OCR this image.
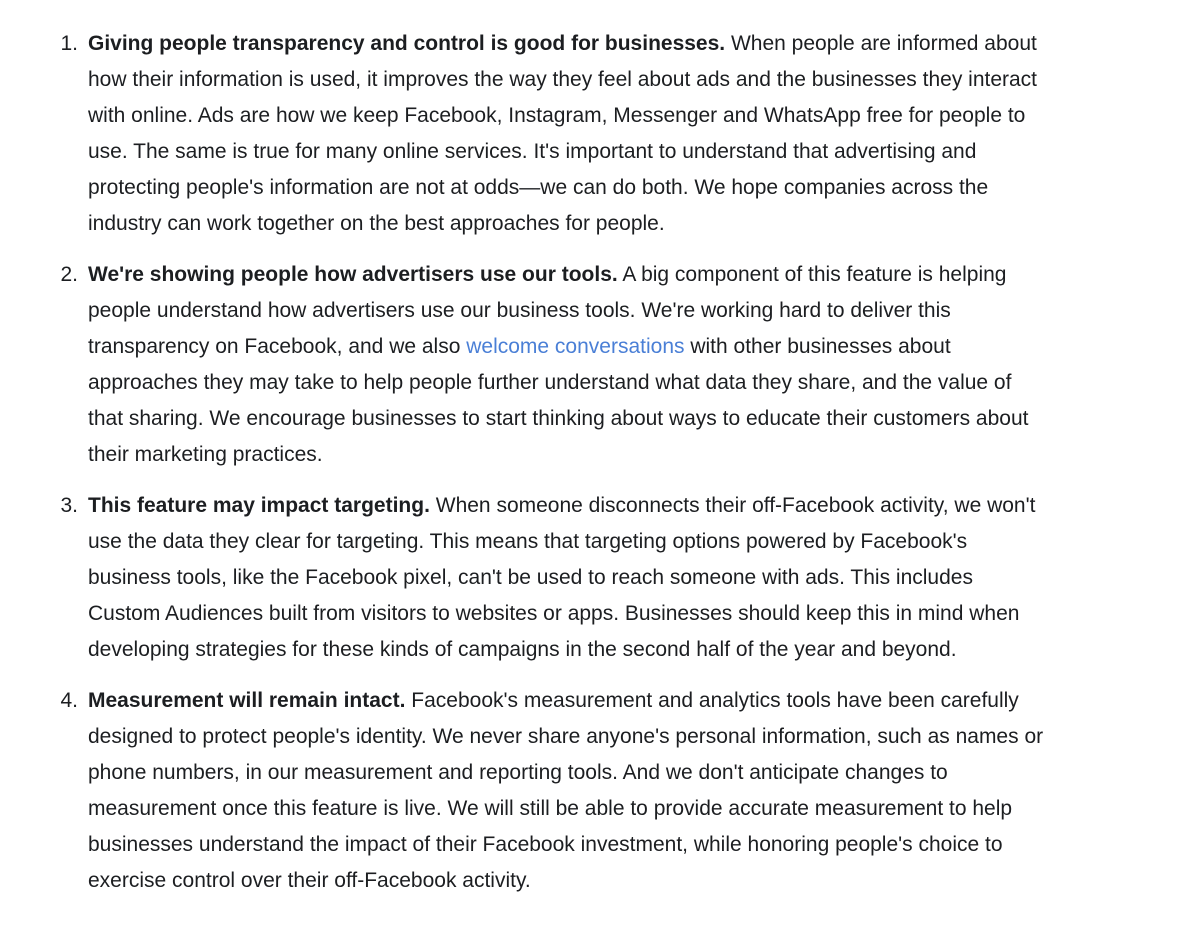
1. Giving people transparency and control is good for businesses. When people are informed about how their information is used, it improves the way they feel about ads and the businesses they interact with online. Ads are how we keep Facebook, Instagram, Messenger and WhatsApp free for people to use. The same is true for many online services. It's important to understand that advertising and protecting people's information are not at odds—we can do both. We hope companies across the industry can work together on the best approaches for people.
2. We're showing people how advertisers use our tools. A big component of this feature is helping people understand how advertisers use our business tools. We're working hard to deliver this transparency on Facebook, and we also welcome conversations with other businesses about approaches they may take to help people further understand what data they share, and the value of that sharing. We encourage businesses to start thinking about ways to educate their customers about their marketing practices.
3. This feature may impact targeting. When someone disconnects their off-Facebook activity, we won't use the data they clear for targeting. This means that targeting options powered by Facebook's business tools, like the Facebook pixel, can't be used to reach someone with ads. This includes Custom Audiences built from visitors to websites or apps. Businesses should keep this in mind when developing strategies for these kinds of campaigns in the second half of the year and beyond.
4. Measurement will remain intact. Facebook's measurement and analytics tools have been carefully designed to protect people's identity. We never share anyone's personal information, such as names or phone numbers, in our measurement and reporting tools. And we don't anticipate changes to measurement once this feature is live. We will still be able to provide accurate measurement to help businesses understand the impact of their Facebook investment, while honoring people's choice to exercise control over their off-Facebook activity.
